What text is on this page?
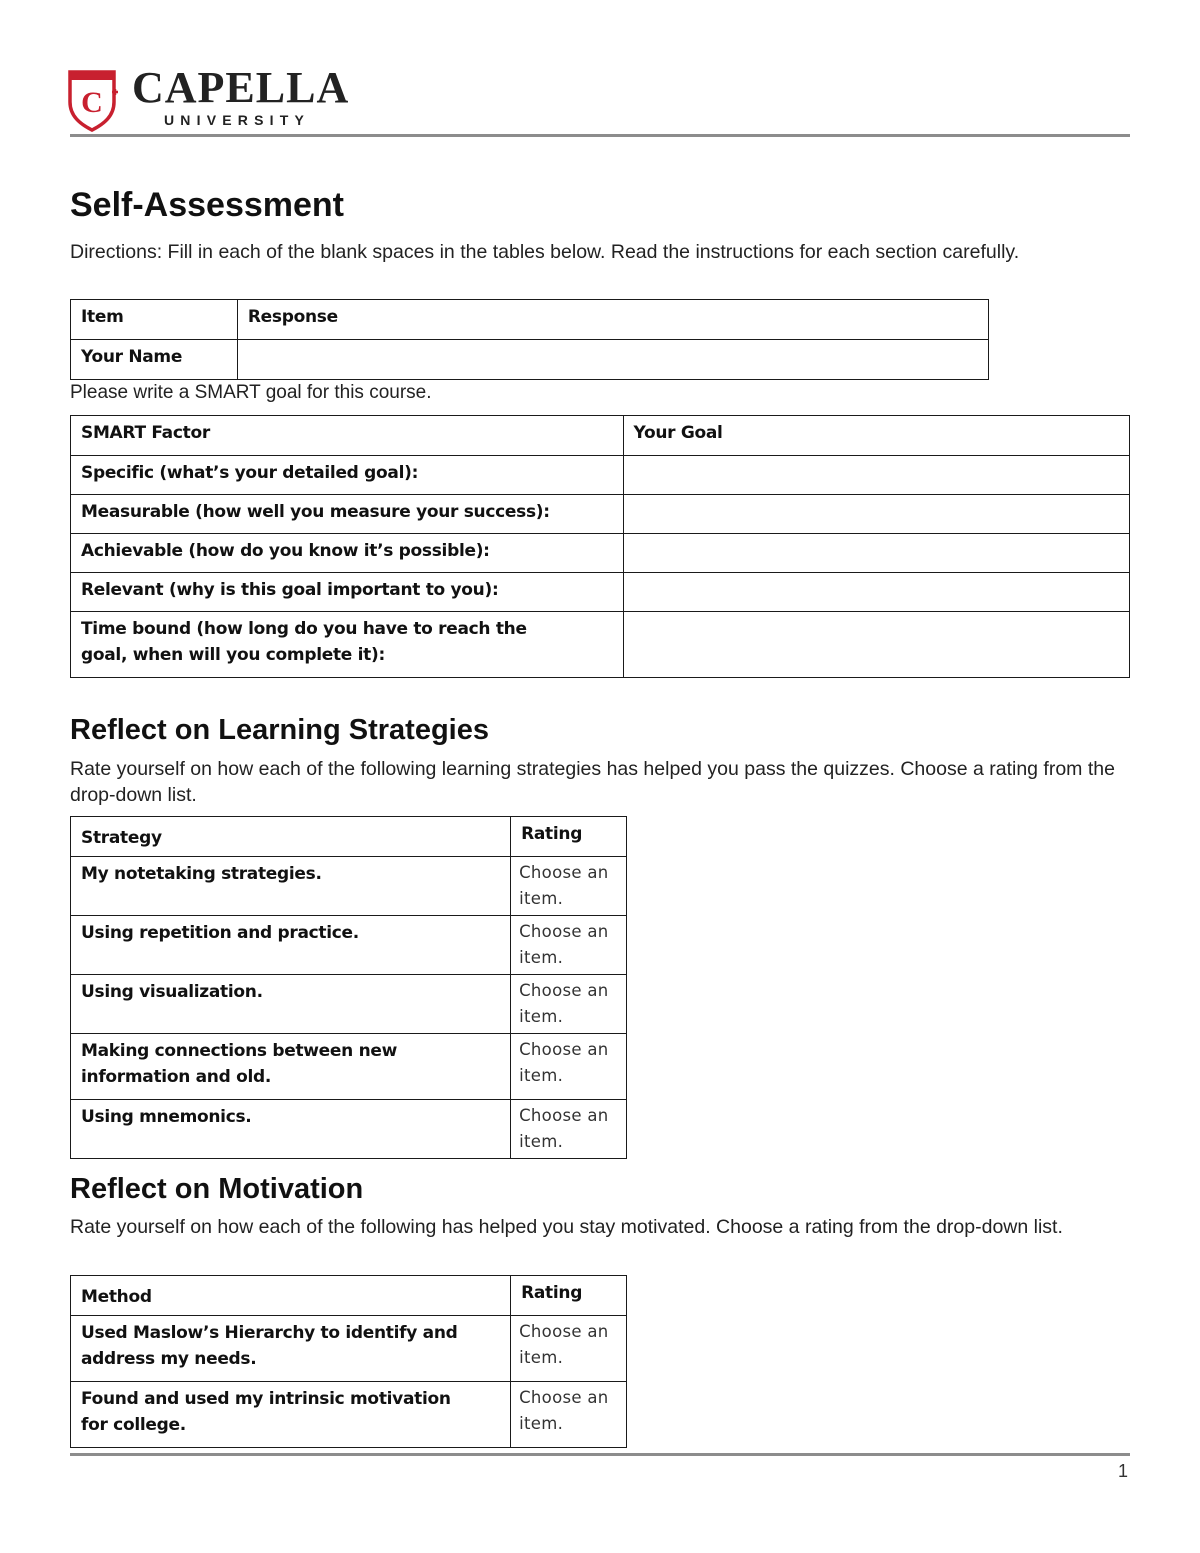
C CAPELLA
UNIVERSITY
Self-Assessment

Directions: Fill in each of the blank spaces in the tables below. Read the instructions for each section carefully.

Item	Response
Your Name	

Please write a SMART goal for this course.

SMART Factor	Your Goal
Specific (what’s your detailed goal):	
Measurable (how well you measure your success):	
Achievable (how do you know it’s possible):	
Relevant (why is this goal important to you):	
Time bound (how long do you have to reach the goal, when will you complete it):	
Reflect on Learning Strategies

Rate yourself on how each of the following learning strategies has helped you pass the quizzes. Choose a rating from the drop-down list.

Strategy	Rating
My notetaking strategies.	Choose an item.
Using repetition and practice.	Choose an item.
Using visualization.	Choose an item.
Making connections between new information and old.	Choose an item.
Using mnemonics.	Choose an item.
Reflect on Motivation

Rate yourself on how each of the following has helped you stay motivated. Choose a rating from the drop-down list.

Method	Rating
Used Maslow’s Hierarchy to identify and address my needs.	Choose an item.
Found and used my intrinsic motivation for college.	Choose an item.
1
